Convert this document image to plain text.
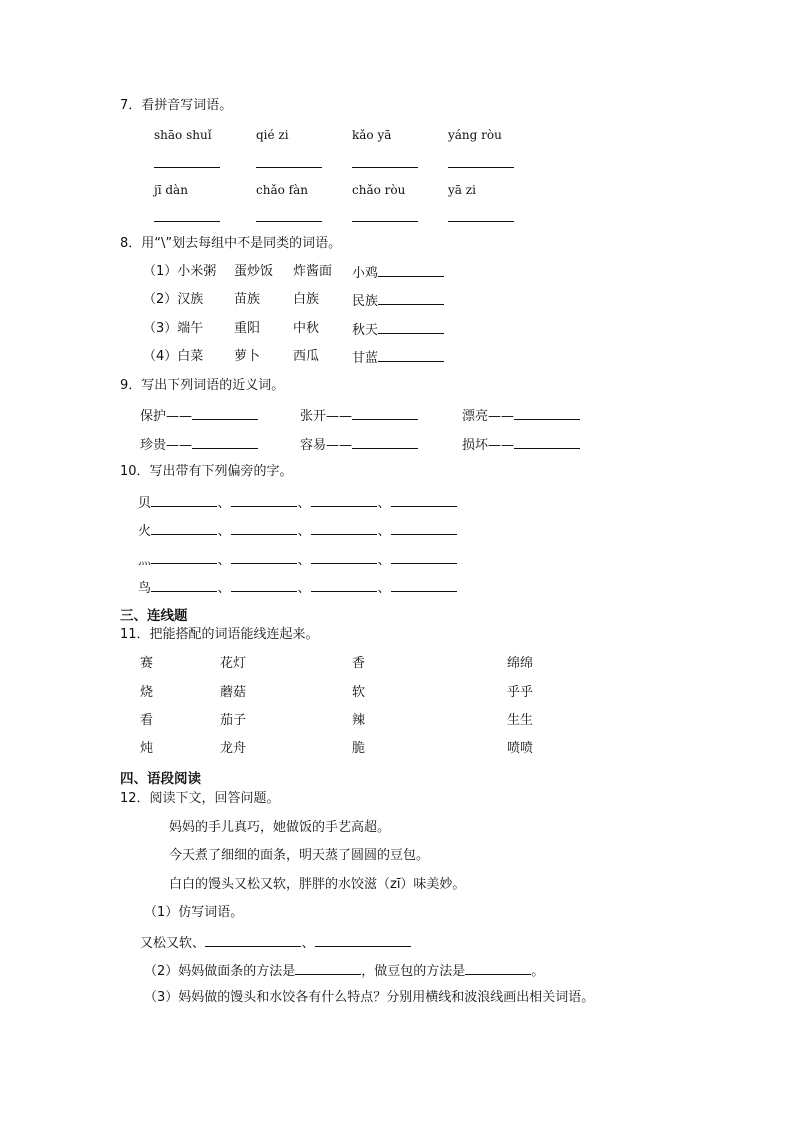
7．看拼音写词语。
shāo shuǐ	qié zi	kǎo yā	yáng ròu
jī dàn	chǎo fàn	chǎo ròu	yā zi
8．用“\”划去每组中不是同类的词语。
（1）小米粥 蛋炒饭 炸酱面 小鸡
（2）汉族 苗族	白族	民族
（3）端午 重阳	中秋	秋天
（4）白菜 萝卜	西瓜	甘蓝
9．写出下列词语的近义词。
保护——	张开——	漂亮——
珍贵——	容易——	损坏——
10．写出带有下列偏旁的字。
贝	、	、	、
火	、	、	、
灬	、	、	、
鸟	、	、	、
三、连线题
11．把能搭配的词语能线连起来。
赛	花灯	香	绵绵
烧	蘑菇	软	乎乎
看	茄子	辣	生生
炖	龙舟	脆	喷喷
四、语段阅读
12．阅读下文，回答问题。
妈妈的手儿真巧，她做饭的手艺高超。
今天煮了细细的面条，明天蒸了圆圆的豆包。
白白的馒头又松又软，胖胖的水饺滋（zī）味美妙。
（1）仿写词语。
又松又软、	、
（2）妈妈做面条的方法是	，做豆包的方法是	。
（3）妈妈做的馒头和水饺各有什么特点？分别用横线和波浪线画出相关词语。
